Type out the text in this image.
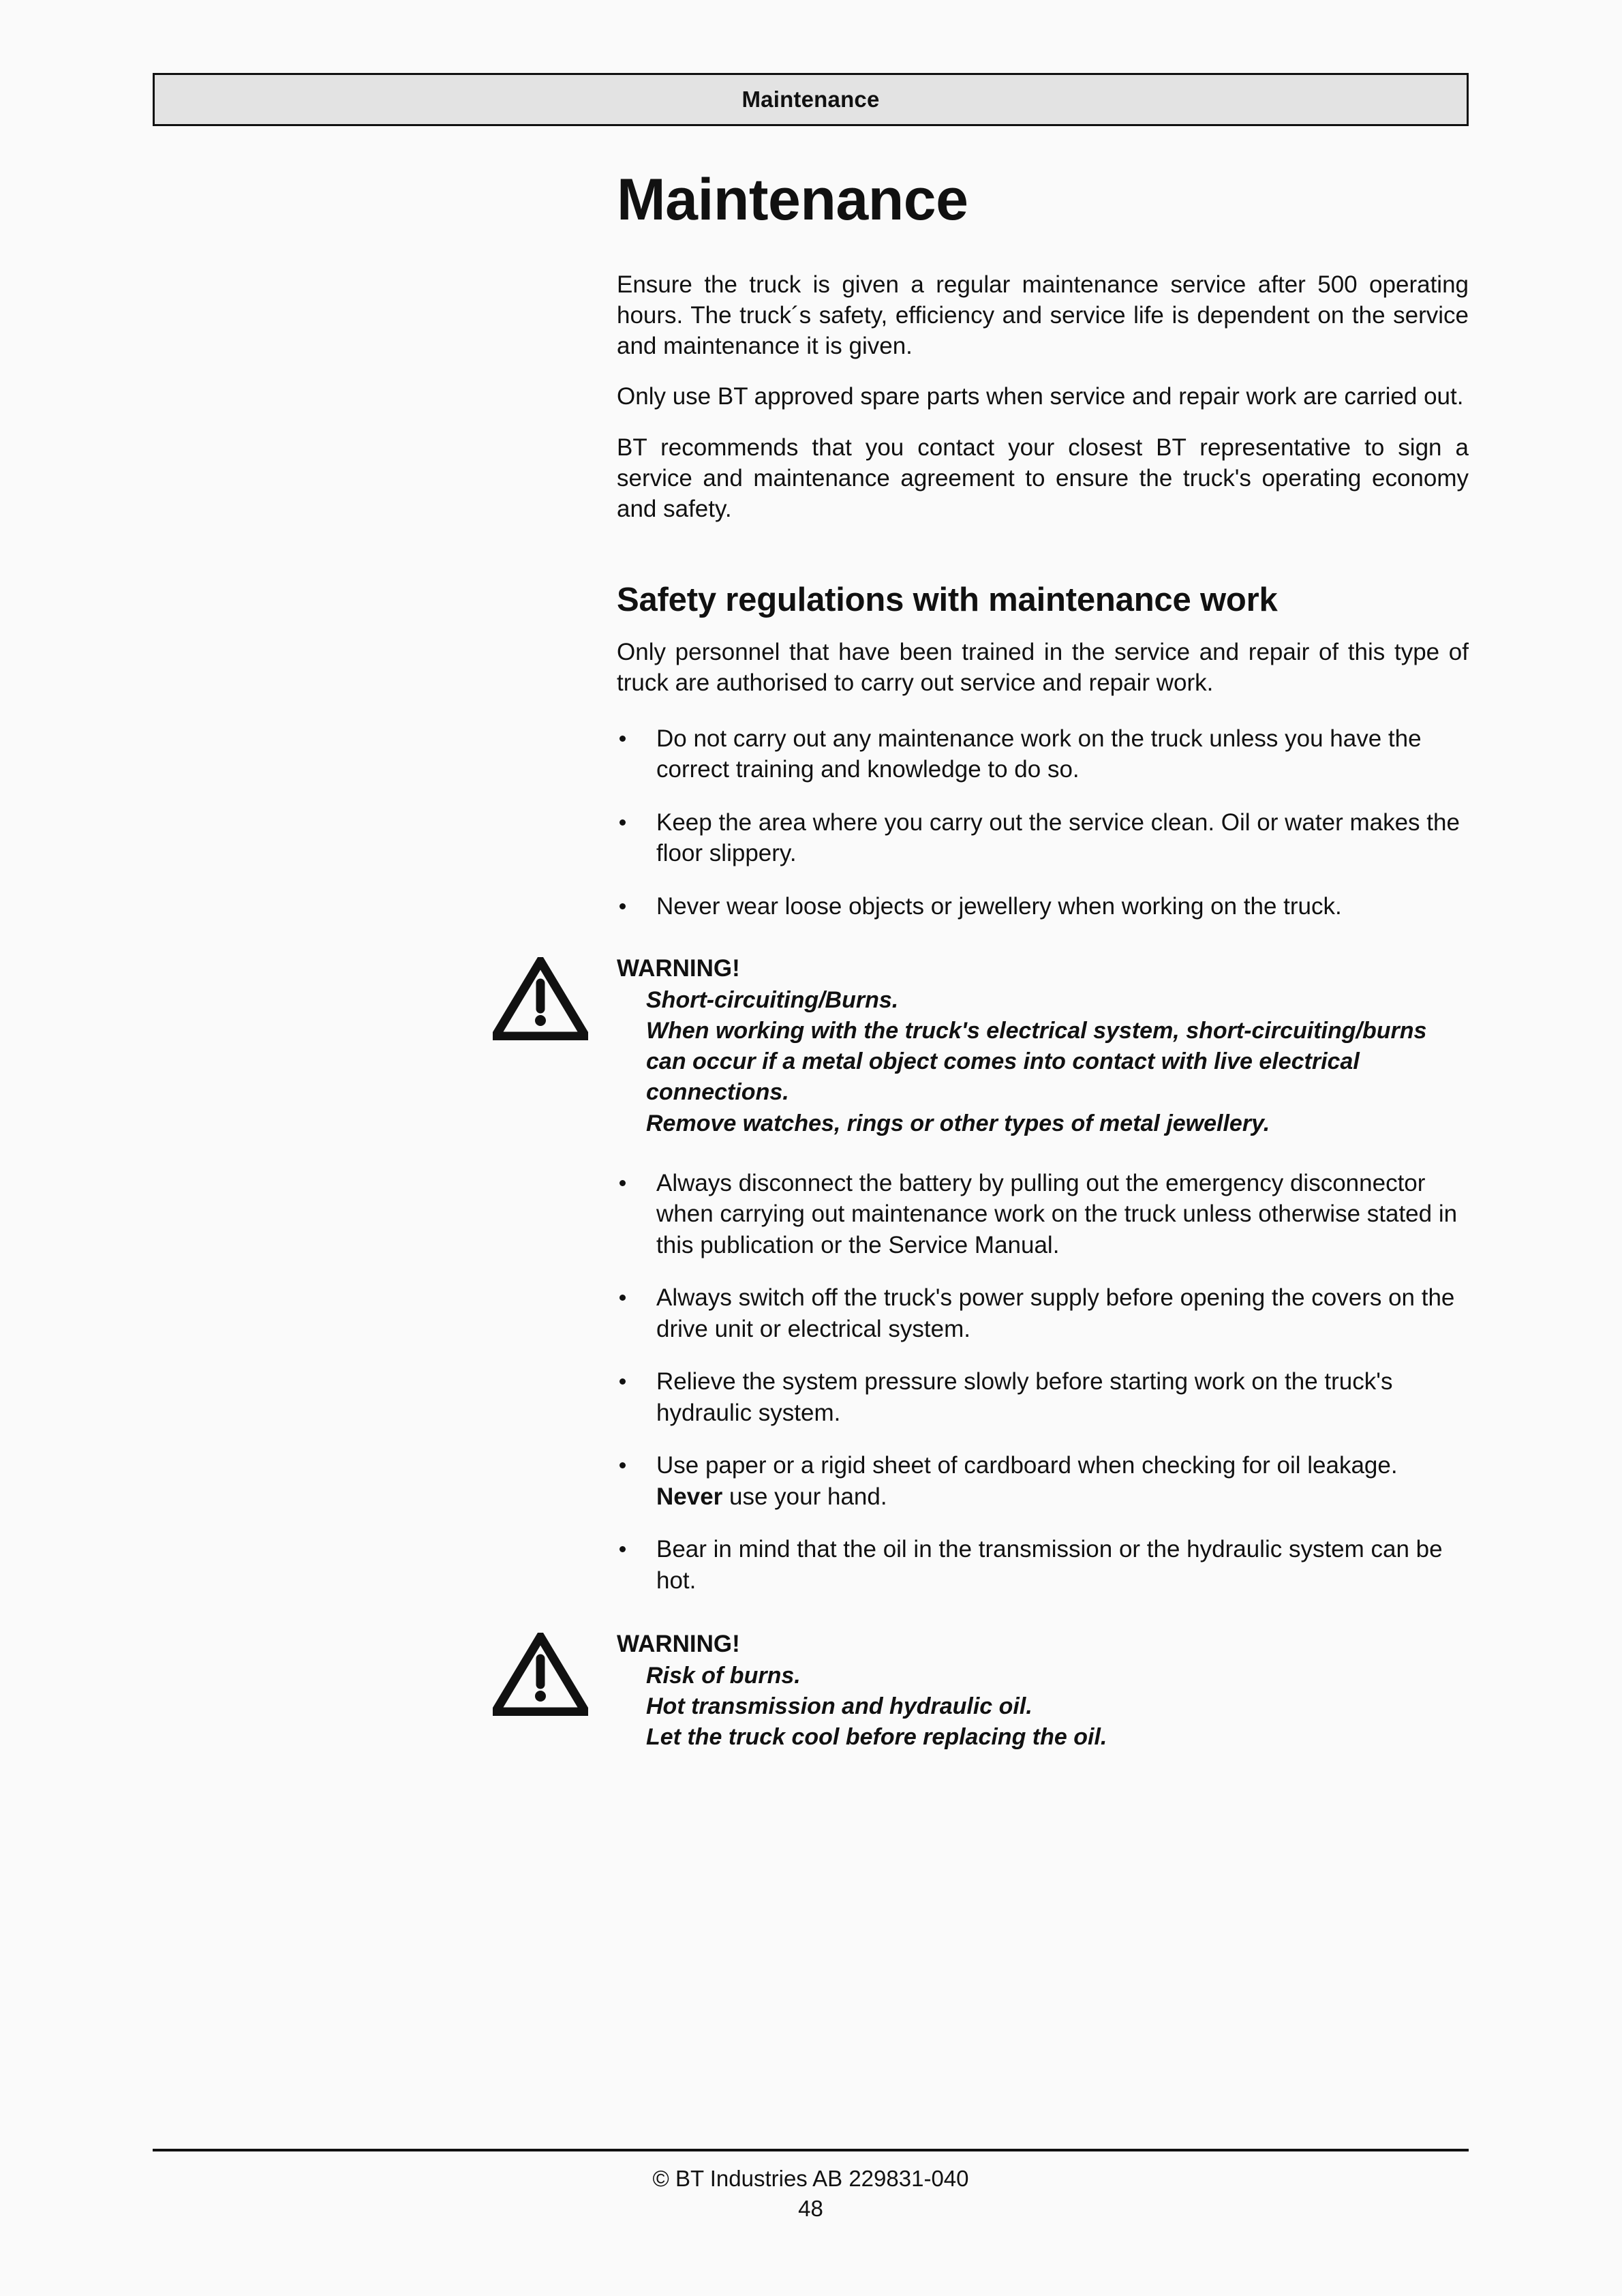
Maintenance
Maintenance

Ensure the truck is given a regular maintenance service after 500 operating hours. The truck´s safety, efficiency and service life is dependent on the service and maintenance it is given.

Only use BT approved spare parts when service and repair work are carried out.

BT recommends that you contact your closest BT representative to sign a service and maintenance agreement to ensure the truck's operating economy and safety.

Safety regulations with maintenance work

Only personnel that have been trained in the service and repair of this type of truck are authorised to carry out service and repair work.

Do not carry out any maintenance work on the truck unless you have the correct training and knowledge to do so.
Keep the area where you carry out the service clean. Oil or water makes the floor slippery.
Never wear loose objects or jewellery when working on the truck.
WARNING!
Short-circuiting/Burns.
When working with the truck's electrical system, short-circuiting/burns can occur if a metal object comes into contact with live electrical connections.
Remove watches, rings or other types of metal jewellery.
Always disconnect the battery by pulling out the emergency disconnector when carrying out maintenance work on the truck unless otherwise stated in this publication or the Service Manual.
Always switch off the truck's power supply before opening the covers on the drive unit or electrical system.
Relieve the system pressure slowly before starting work on the truck's hydraulic system.
Use paper or a rigid sheet of cardboard when checking for oil leakage. Never use your hand.
Bear in mind that the oil in the transmission or the hydraulic system can be hot.
WARNING!
Risk of burns.
Hot transmission and hydraulic oil.
Let the truck cool before replacing the oil.
© BT Industries AB 229831-040
48
